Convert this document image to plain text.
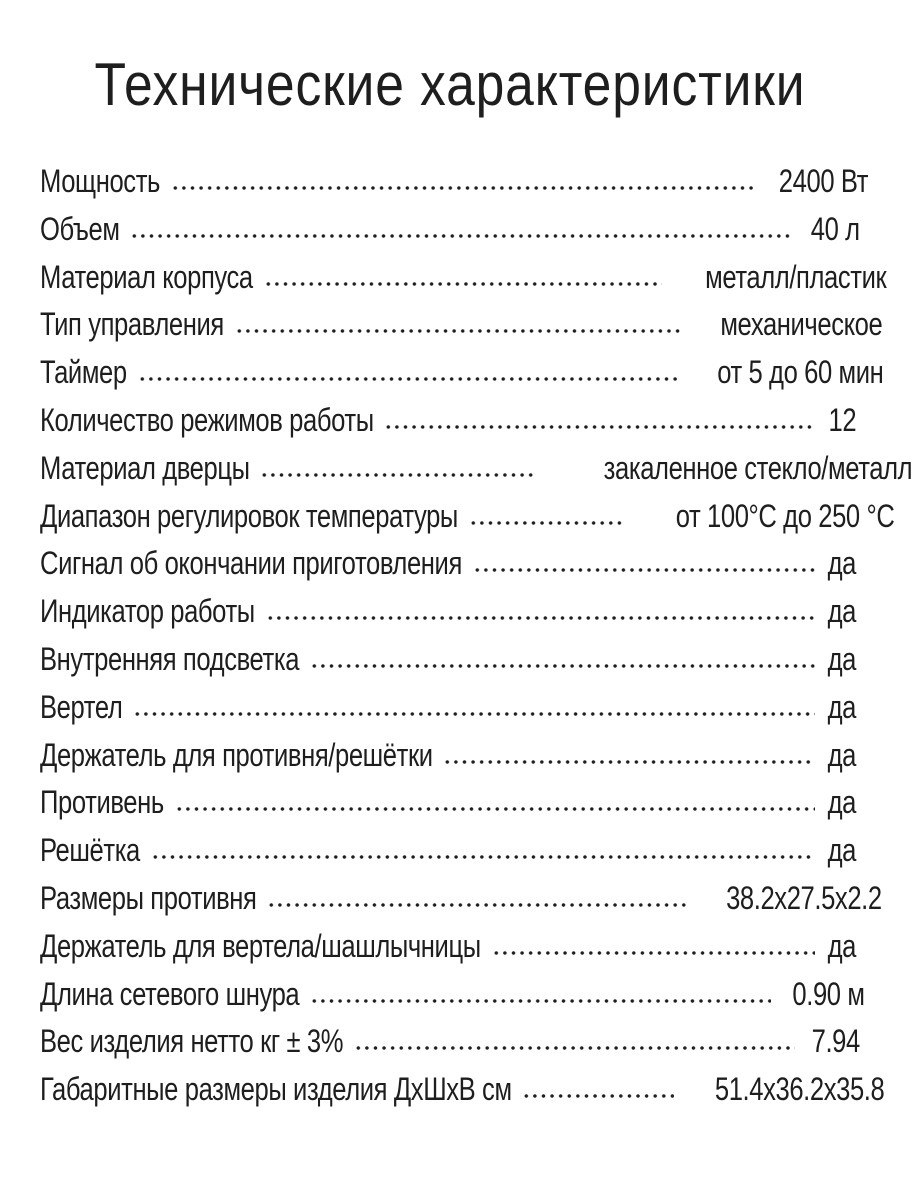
Технические характеристики
Мощность	2400 Вт
Объем	40 л
Материал корпуса	металл/пластик
Тип управления	механическое
Таймер	от 5 до 60 мин
Количество режимов работы	12
Материал дверцы	закаленное стекло/металл
Диапазон регулировок температуры	от 100°C до 250 °C
Сигнал об окончании приготовления	да
Индикатор работы	да
Внутренняя подсветка	да
Вертел	да
Держатель для противня/решётки	да
Противень	да
Решётка	да
Размеры противня	38.2x27.5x2.2
Держатель для вертела/шашлычницы	да
Длина сетевого шнура	0.90 м
Вес изделия нетто кг ± 3%	7.94
Габаритные размеры изделия ДхШхВ см	51.4x36.2x35.8
